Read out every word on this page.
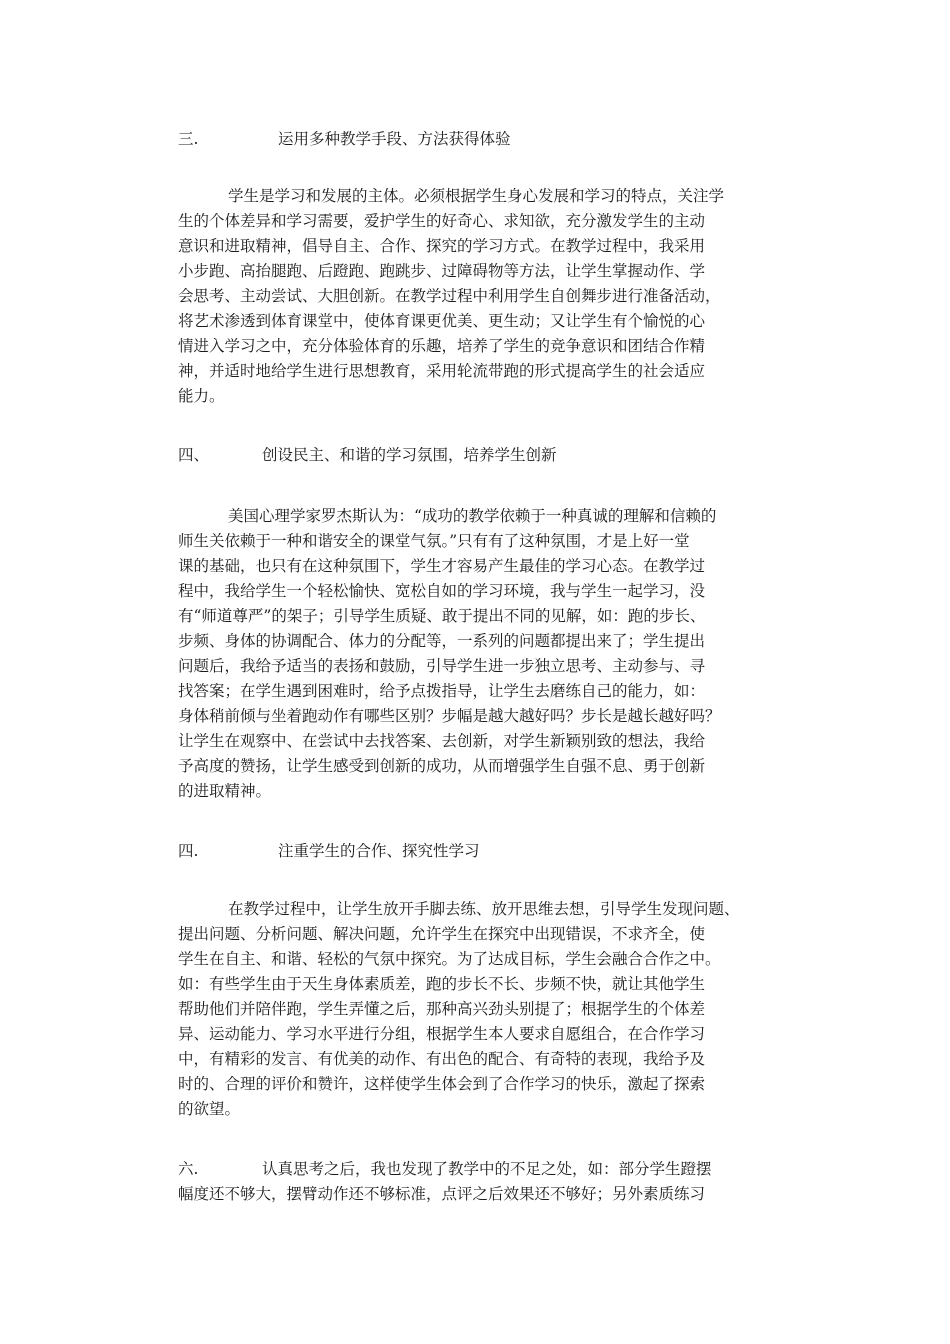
三.	运用多种教学手段、方法获得体验
学生是学习和发展的主体。必须根据学生身心发展和学习的特点，关注学
生的个体差异和学习需要，爱护学生的好奇心、求知欲，充分激发学生的主动
意识和进取精神，倡导自主、合作、探究的学习方式。在教学过程中，我采用
小步跑、高抬腿跑、后蹬跑、跑跳步、过障碍物等方法，让学生掌握动作、学
会思考、主动尝试、大胆创新。在教学过程中利用学生自创舞步进行准备活动，
将艺术渗透到体育课堂中，使体育课更优美、更生动；又让学生有个愉悦的心
情进入学习之中，充分体验体育的乐趣，培养了学生的竞争意识和团结合作精
神，并适时地给学生进行思想教育，采用轮流带跑的形式提高学生的社会适应
能力。
四、	创设民主、和谐的学习氛围，培养学生创新
美国心理学家罗杰斯认为：“成功的教学依赖于一种真诚的理解和信赖的
师生关依赖于一种和谐安全的课堂气氛。”只有有了这种氛围，才是上好一堂
课的基础，也只有在这种氛围下，学生才容易产生最佳的学习心态。在教学过
程中，我给学生一个轻松愉快、宽松自如的学习环境，我与学生一起学习，没
有“师道尊严”的架子；引导学生质疑、敢于提出不同的见解，如：跑的步长、
步频、身体的协调配合、体力的分配等，一系列的问题都提出来了；学生提出
问题后，我给予适当的表扬和鼓励，引导学生进一步独立思考、主动参与、寻
找答案；在学生遇到困难时，给予点拨指导，让学生去磨练自己的能力，如：
身体稍前倾与坐着跑动作有哪些区别？步幅是越大越好吗？步长是越长越好吗？
让学生在观察中、在尝试中去找答案、去创新，对学生新颖别致的想法，我给
予高度的赞扬，让学生感受到创新的成功，从而增强学生自强不息、勇于创新
的进取精神。
四.	注重学生的合作、探究性学习
在教学过程中，让学生放开手脚去练、放开思维去想，引导学生发现问题、
提出问题、分析问题、解决问题，允许学生在探究中出现错误，不求齐全，使
学生在自主、和谐、轻松的气氛中探究。为了达成目标，学生会融合合作之中。
如：有些学生由于天生身体素质差，跑的步长不长、步频不快，就让其他学生
帮助他们并陪伴跑，学生弄懂之后，那种高兴劲头别提了；根据学生的个体差
异、运动能力、学习水平进行分组，根据学生本人要求自愿组合，在合作学习
中，有精彩的发言、有优美的动作、有出色的配合、有奇特的表现，我给予及
时的、合理的评价和赞许，这样使学生体会到了合作学习的快乐，激起了探索
的欲望。
六.	认真思考之后，我也发现了教学中的不足之处，如：部分学生蹬摆
幅度还不够大，摆臂动作还不够标准，点评之后效果还不够好；另外素质练习
